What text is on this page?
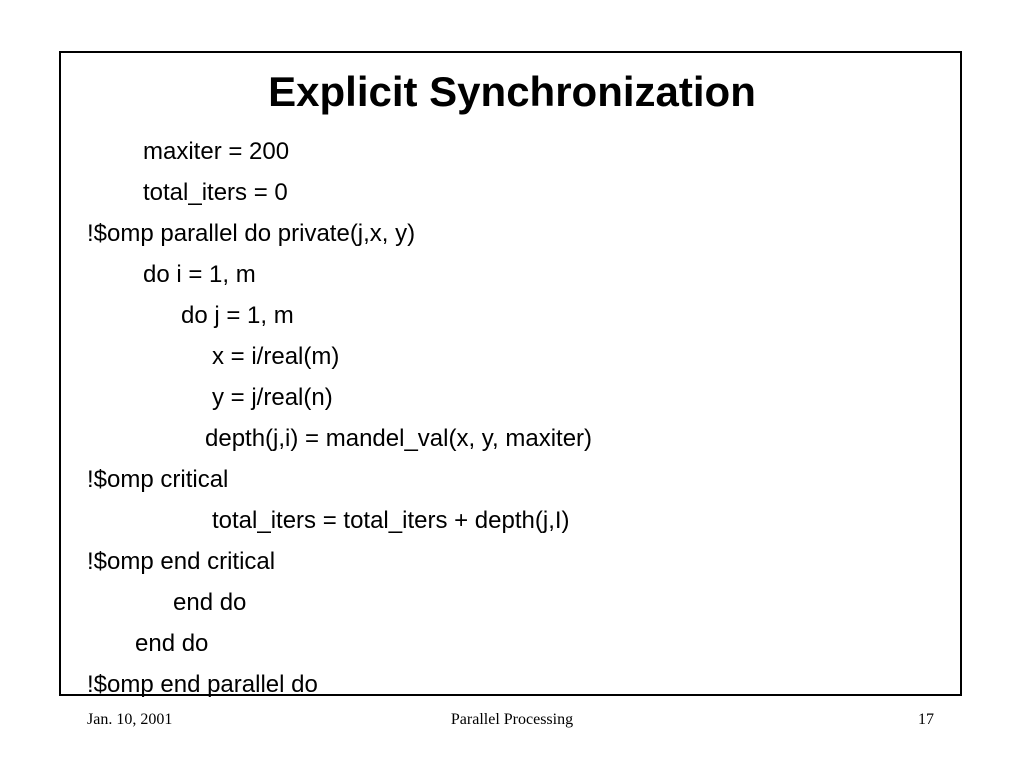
Explicit Synchronization
maxiter = 200
total_iters = 0
!$omp parallel do private(j,x, y)
do i = 1, m
do j = 1, m
x = i/real(m)
y = j/real(n)
depth(j,i) = mandel_val(x, y, maxiter)
!$omp critical
total_iters = total_iters + depth(j,I)
!$omp end critical
end do
end do
!$omp end parallel do
Jan. 10, 2001	Parallel Processing	17
